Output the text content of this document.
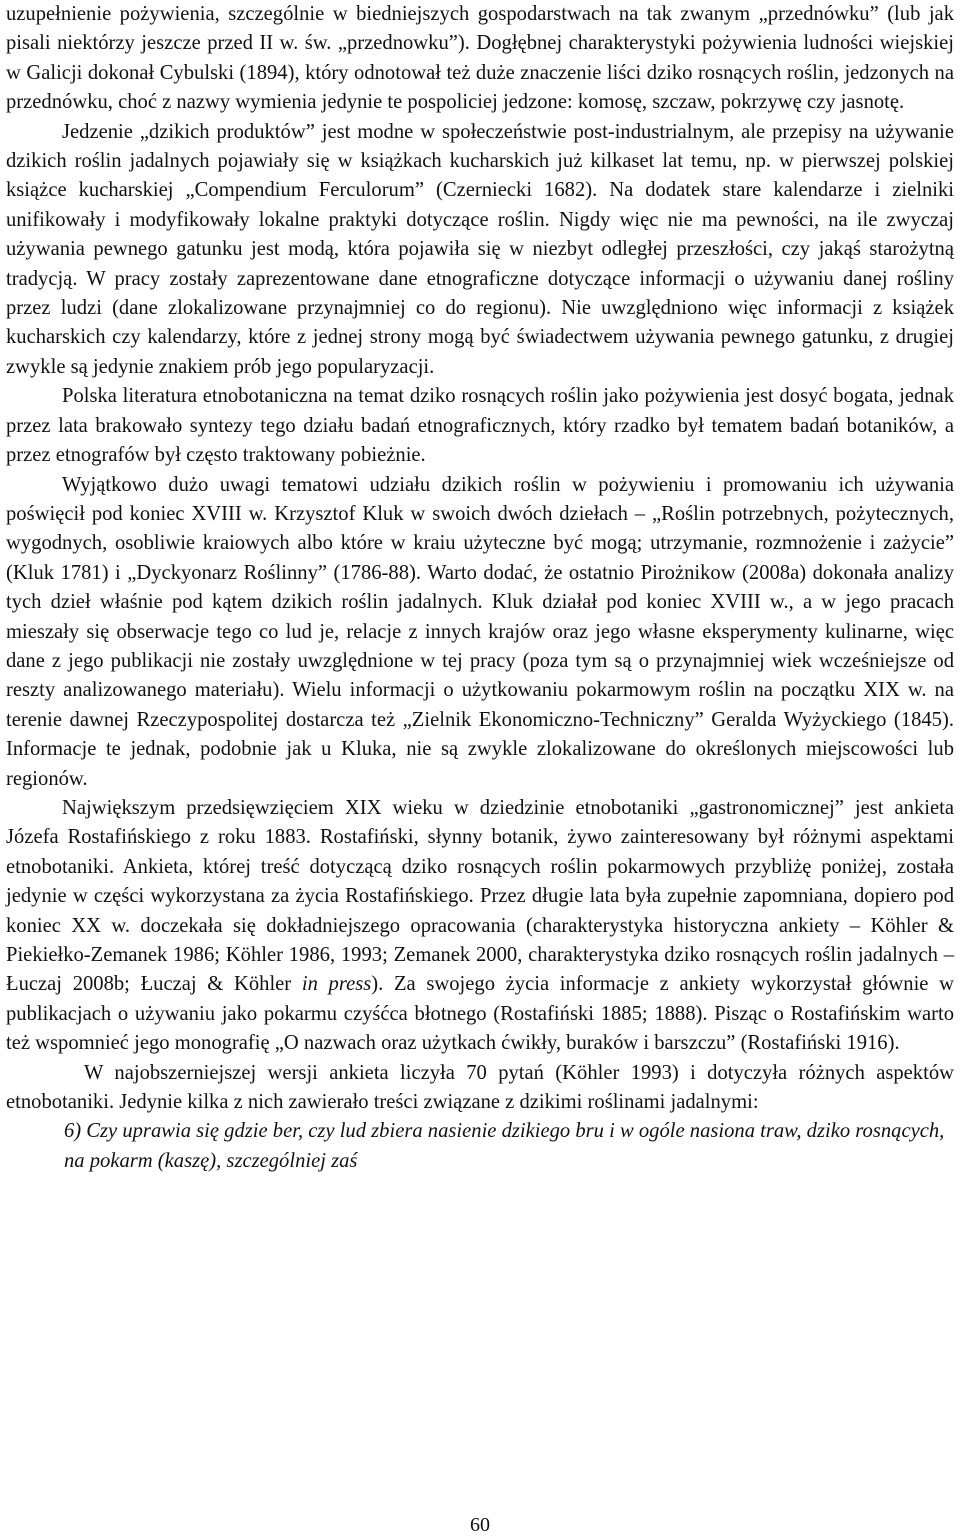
uzupełnienie pożywienia, szczególnie w biedniejszych gospodarstwach na tak zwanym „przednówku” (lub jak pisali niektórzy jeszcze przed II w. św. „przednowku”). Dogłębnej charakterystyki pożywienia ludności wiejskiej w Galicji dokonał Cybulski (1894), który odnotował też duże znaczenie liści dziko rosnących roślin, jedzonych na przednówku, choć z nazwy wymienia jedynie te pospoliciej jedzone: komosę, szczaw, pokrzywę czy jasnotę.

Jedzenie „dzikich produktów” jest modne w społeczeństwie post-industrialnym, ale przepisy na używanie dzikich roślin jadalnych pojawiały się w książkach kucharskich już kilkaset lat temu, np. w pierwszej polskiej książce kucharskiej „Compendium Ferculorum” (Czerniecki 1682). Na dodatek stare kalendarze i zielniki unifikowały i modyfikowały lokalne praktyki dotyczące roślin. Nigdy więc nie ma pewności, na ile zwyczaj używania pewnego gatunku jest modą, która pojawiła się w niezbyt odległej przeszłości, czy jakąś starożytną tradycją. W pracy zostały zaprezentowane dane etnograficzne dotyczące informacji o używaniu danej rośliny przez ludzi (dane zlokalizowane przynajmniej co do regionu). Nie uwzględniono więc informacji z książek kucharskich czy kalendarzy, które z jednej strony mogą być świadectwem używania pewnego gatunku, z drugiej zwykle są jedynie znakiem prób jego popularyzacji.

Polska literatura etnobotaniczna na temat dziko rosnących roślin jako pożywienia jest dosyć bogata, jednak przez lata brakowało syntezy tego działu badań etnograficznych, który rzadko był tematem badań botaników, a przez etnografów był często traktowany pobieżnie.

Wyjątkowo dużo uwagi tematowi udziału dzikich roślin w pożywieniu i promowaniu ich używania poświęcił pod koniec XVIII w. Krzysztof Kluk w swoich dwóch dziełach – „Roślin potrzebnych, pożytecznych, wygodnych, osobliwie kraiowych albo które w kraiu użyteczne być mogą; utrzymanie, rozmnożenie i zażycie” (Kluk 1781) i „Dyckyonarz Roślinny” (1786-88). Warto dodać, że ostatnio Pirożnikow (2008a) dokonała analizy tych dzieł właśnie pod kątem dzikich roślin jadalnych. Kluk działał pod koniec XVIII w., a w jego pracach mieszały się obserwacje tego co lud je, relacje z innych krajów oraz jego własne eksperymenty kulinarne, więc dane z jego publikacji nie zostały uwzględnione w tej pracy (poza tym są o przynajmniej wiek wcześniejsze od reszty analizowanego materiału). Wielu informacji o użytkowaniu pokarmowym roślin na początku XIX w. na terenie dawnej Rzeczypospolitej dostarcza też „Zielnik Ekonomiczno-Techniczny” Geralda Wyżyckiego (1845). Informacje te jednak, podobnie jak u Kluka, nie są zwykle zlokalizowane do określonych miejscowości lub regionów.

Największym przedsięwzięciem XIX wieku w dziedzinie etnobotaniki „gastronomicznej” jest ankieta Józefa Rostafińskiego z roku 1883. Rostafiński, słynny botanik, żywo zainteresowany był różnymi aspektami etnobotaniki. Ankieta, której treść dotyczącą dziko rosnących roślin pokarmowych przybliżę poniżej, została jedynie w części wykorzystana za życia Rostafińskiego. Przez długie lata była zupełnie zapomniana, dopiero pod koniec XX w. doczekała się dokładniejszego opracowania (charakterystyka historyczna ankiety – Köhler & Piekiełko-Zemanek 1986; Köhler 1986, 1993; Zemanek 2000, charakterystyka dziko rosnących roślin jadalnych – Łuczaj 2008b; Łuczaj & Köhler in press). Za swojego życia informacje z ankiety wykorzystał głównie w publikacjach o używaniu jako pokarmu czyśćca błotnego (Rostafiński 1885; 1888). Pisząc o Rostafińskim warto też wspomnieć jego monografię „O nazwach oraz użytkach ćwikły, buraków i barszczu” (Rostafiński 1916).

W najobszerniejszej wersji ankieta liczyła 70 pytań (Köhler 1993) i dotyczyła różnych aspektów etnobotaniki. Jedynie kilka z nich zawierało treści związane z dzikimi roślinami jadalnymi:

6) Czy uprawia się gdzie ber, czy lud zbiera nasienie dzikiego bru i w ogóle nasiona traw, dziko rosnących, na pokarm (kaszę), szczególniej zaś

60
